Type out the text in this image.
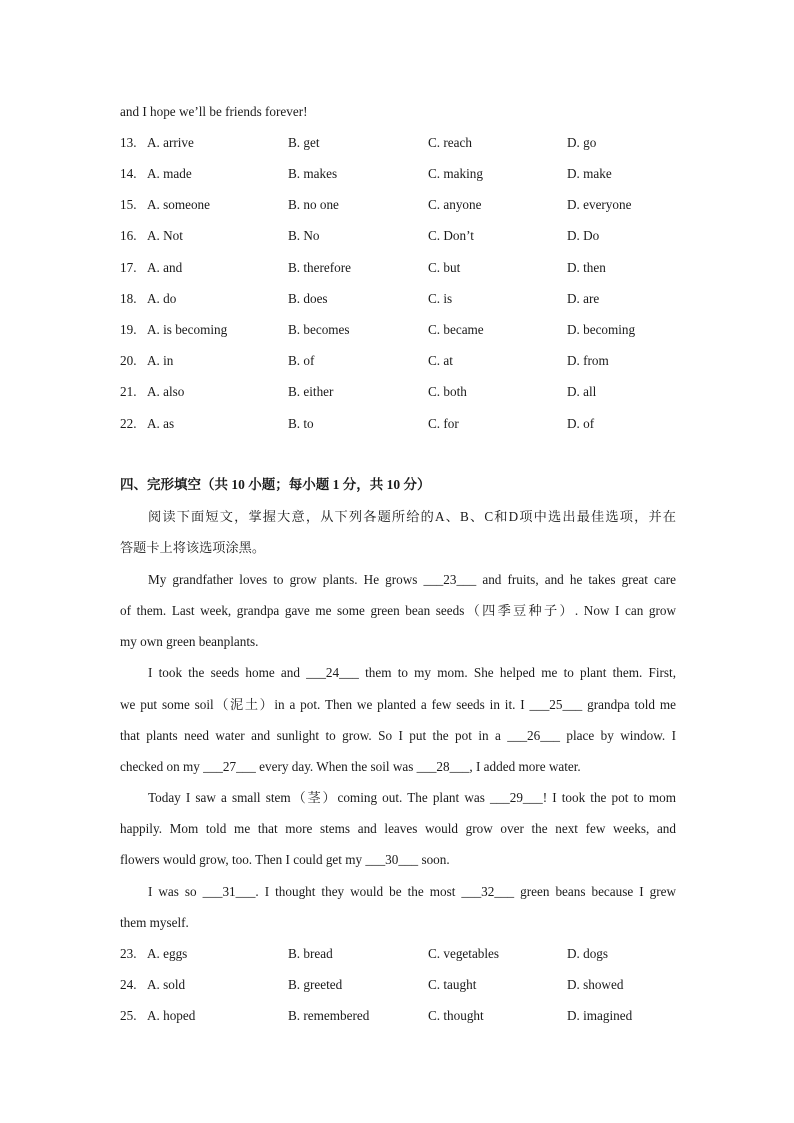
and I hope we’ll be friends forever!
13. A. arrive	B. get	C. reach	D. go
14. A. made	B. makes	C. making	D. make
15. A. someone	B. no one	C. anyone	D. everyone
16. A. Not	B. No	C. Don’t	D. Do
17. A. and	B. therefore	C. but	D. then
18. A. do	B. does	C. is	D. are
19. A. is becoming	B. becomes	C. became	D. becoming
20. A. in	B. of	C. at	D. from
21. A. also	B. either	C. both	D. all
22. A. as	B. to	C. for	D. of
四、完形填空（共 10 小题；每小题 1 分，共 10 分）
阅读下面短文，掌握大意，从下列各题所给的A、B、C和D项中选出最佳选项，并在
答题卡上将该选项涂黑。
My grandfather loves to grow plants. He grows ___23___ and fruits, and he takes great care
of them. Last week, grandpa gave me some green bean seeds（四季豆种子）. Now I can grow
my own green beanplants.
I took the seeds home and ___24___ them to my mom. She helped me to plant them. First,
we put some soil（泥土）in a pot. Then we planted a few seeds in it. I ___25___ grandpa told me
that plants need water and sunlight to grow. So I put the pot in a ___26___ place by window. I
checked on my ___27___ every day. When the soil was ___28___, I added more water.
Today I saw a small stem（茎）coming out. The plant was ___29___! I took the pot to mom
happily. Mom told me that more stems and leaves would grow over the next few weeks, and
flowers would grow, too. Then I could get my ___30___ soon.
I was so ___31___. I thought they would be the most ___32___ green beans because I grew
them myself.
23. A. eggs	B. bread	C. vegetables	D. dogs
24. A. sold	B. greeted	C. taught	D. showed
25. A. hoped	B. remembered	C. thought	D. imagined
